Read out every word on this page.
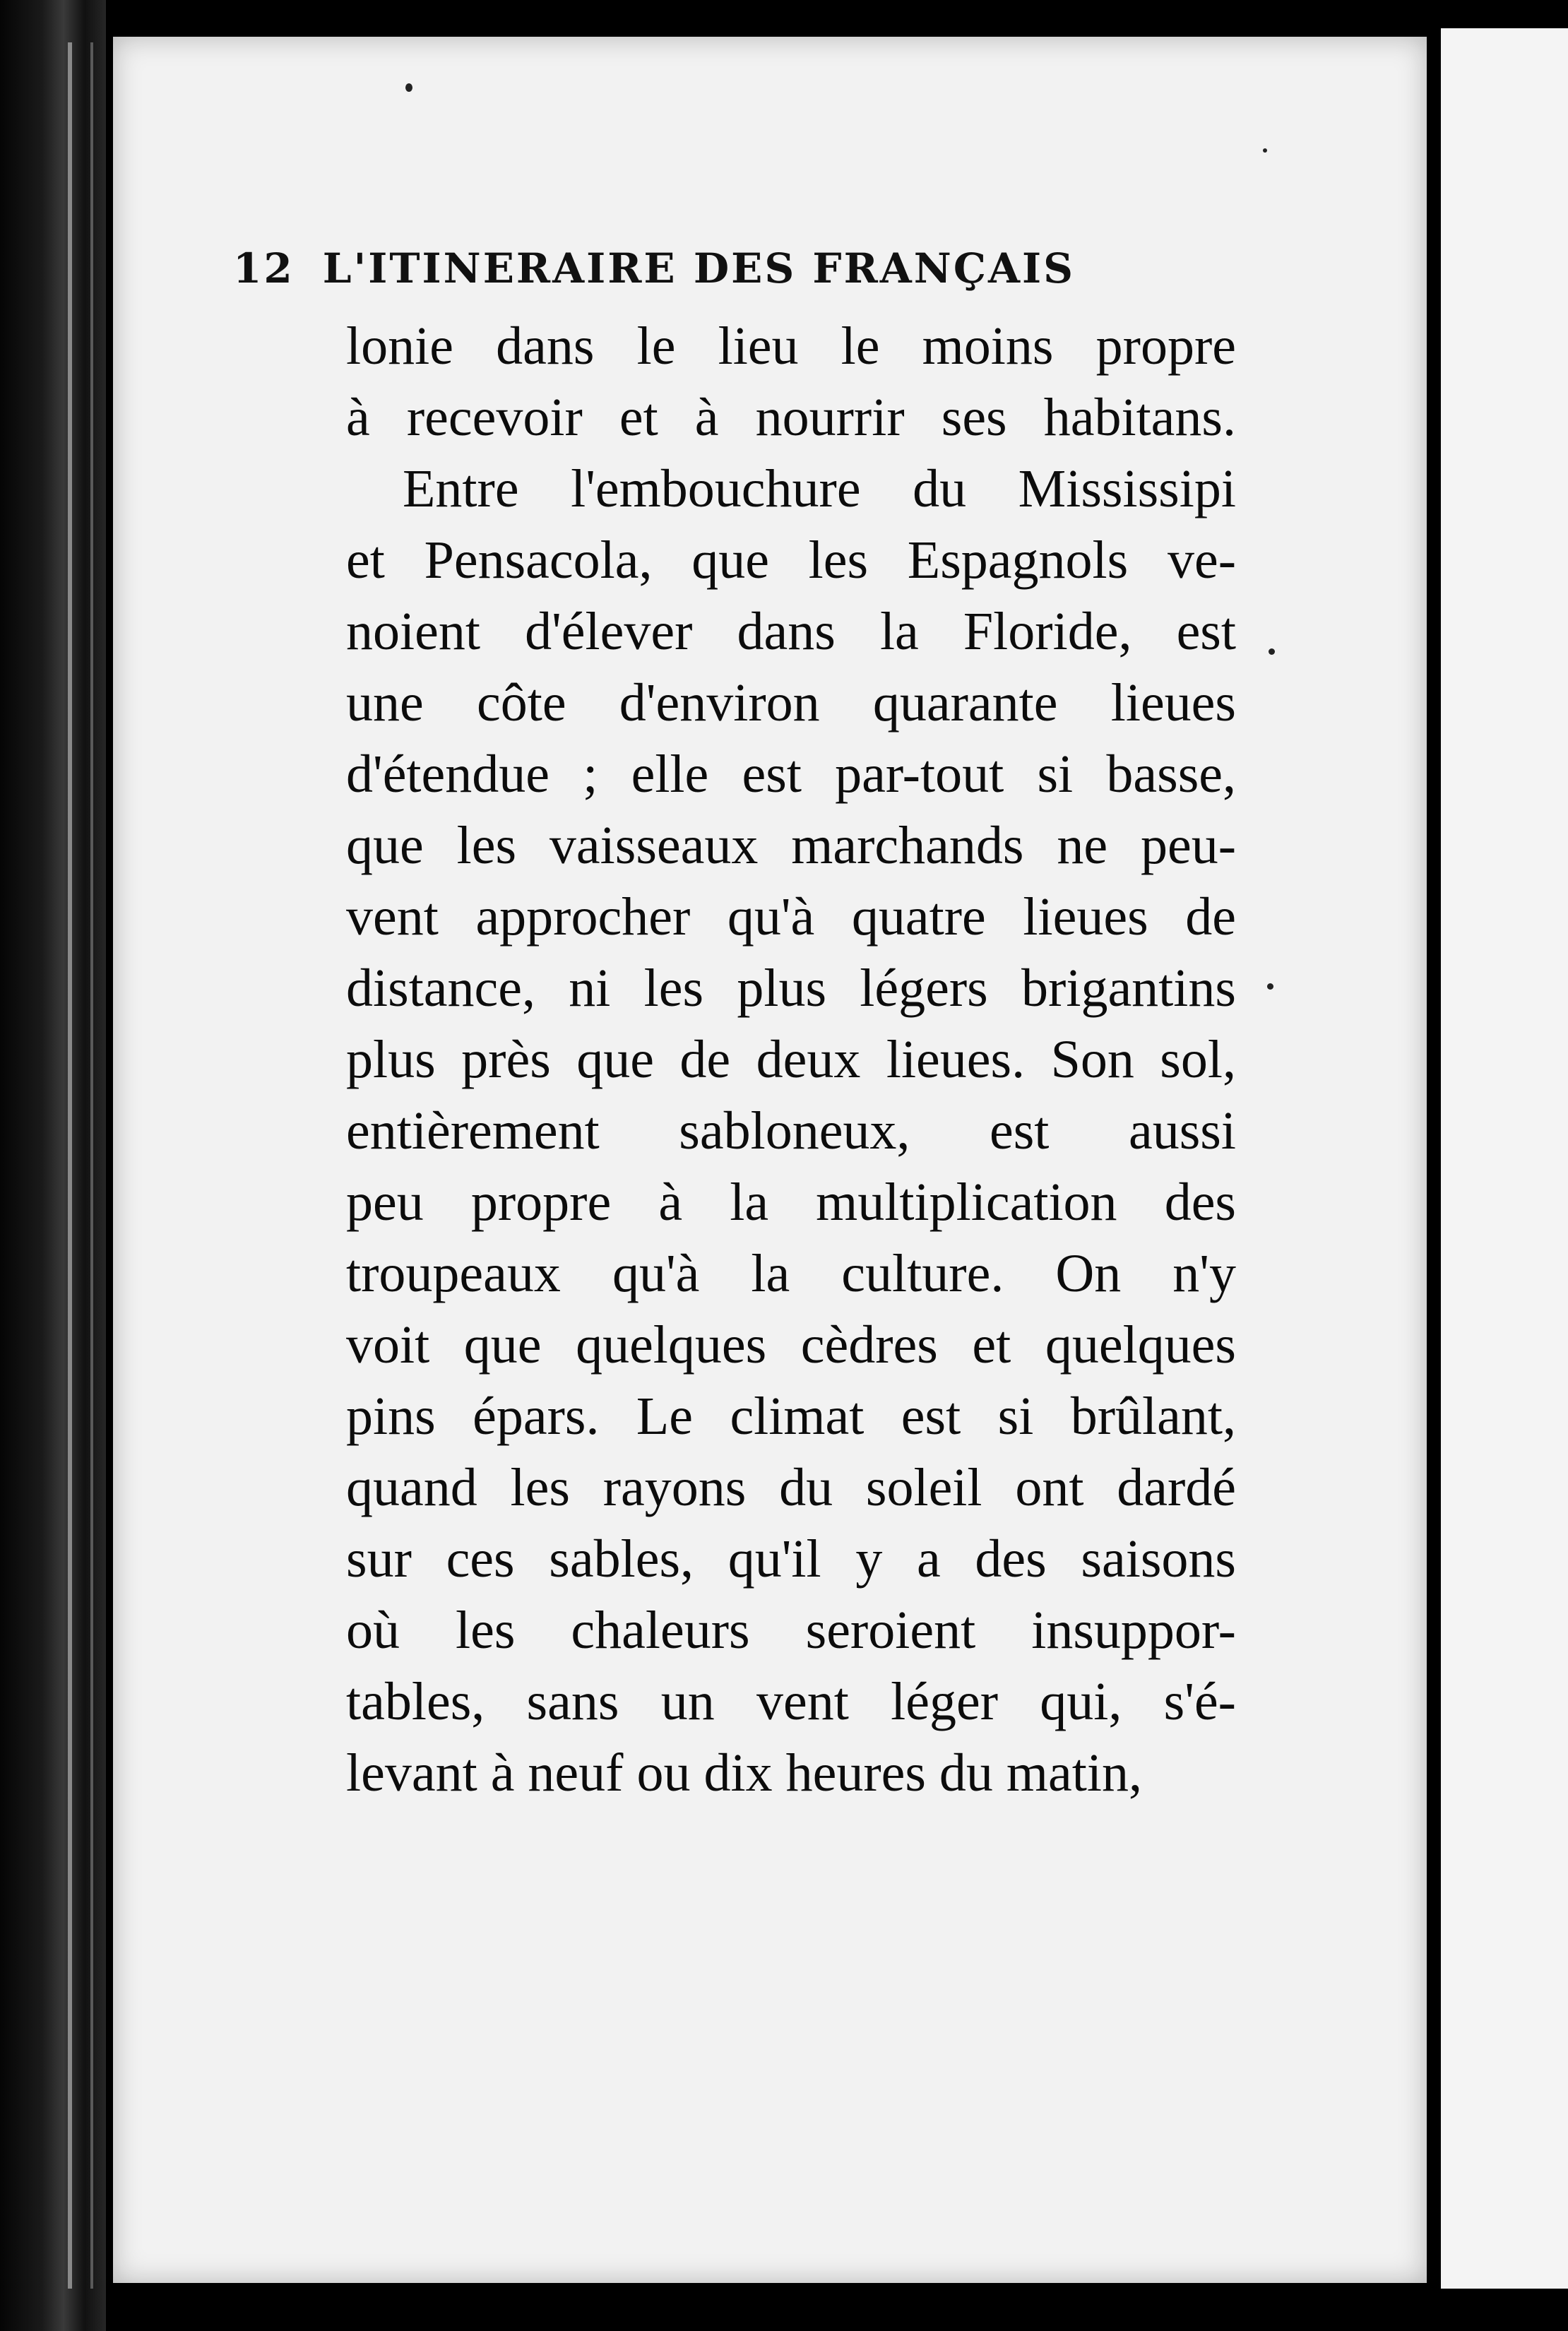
12 L'ITINERAIRE DES FRANÇAIS
lonie dans le lieu le moins propre
à recevoir et à nourrir ses habitans.
Entre l'embouchure du Mississipi
et Pensacola, que les Espagnols ve-
noient d'élever dans la Floride, est
une côte d'environ quarante lieues
d'étendue ; elle est par-tout si basse,
que les vaisseaux marchands ne peu-
vent approcher qu'à quatre lieues de
distance, ni les plus légers brigantins
plus près que de deux lieues. Son sol,
entièrement sabloneux, est aussi
peu propre à la multiplication des
troupeaux qu'à la culture. On n'y
voit que quelques cèdres et quelques
pins épars. Le climat est si brûlant,
quand les rayons du soleil ont dardé
sur ces sables, qu'il y a des saisons
où les chaleurs seroient insuppor-
tables, sans un vent léger qui, s'é-
levant à neuf ou dix heures du matin,
